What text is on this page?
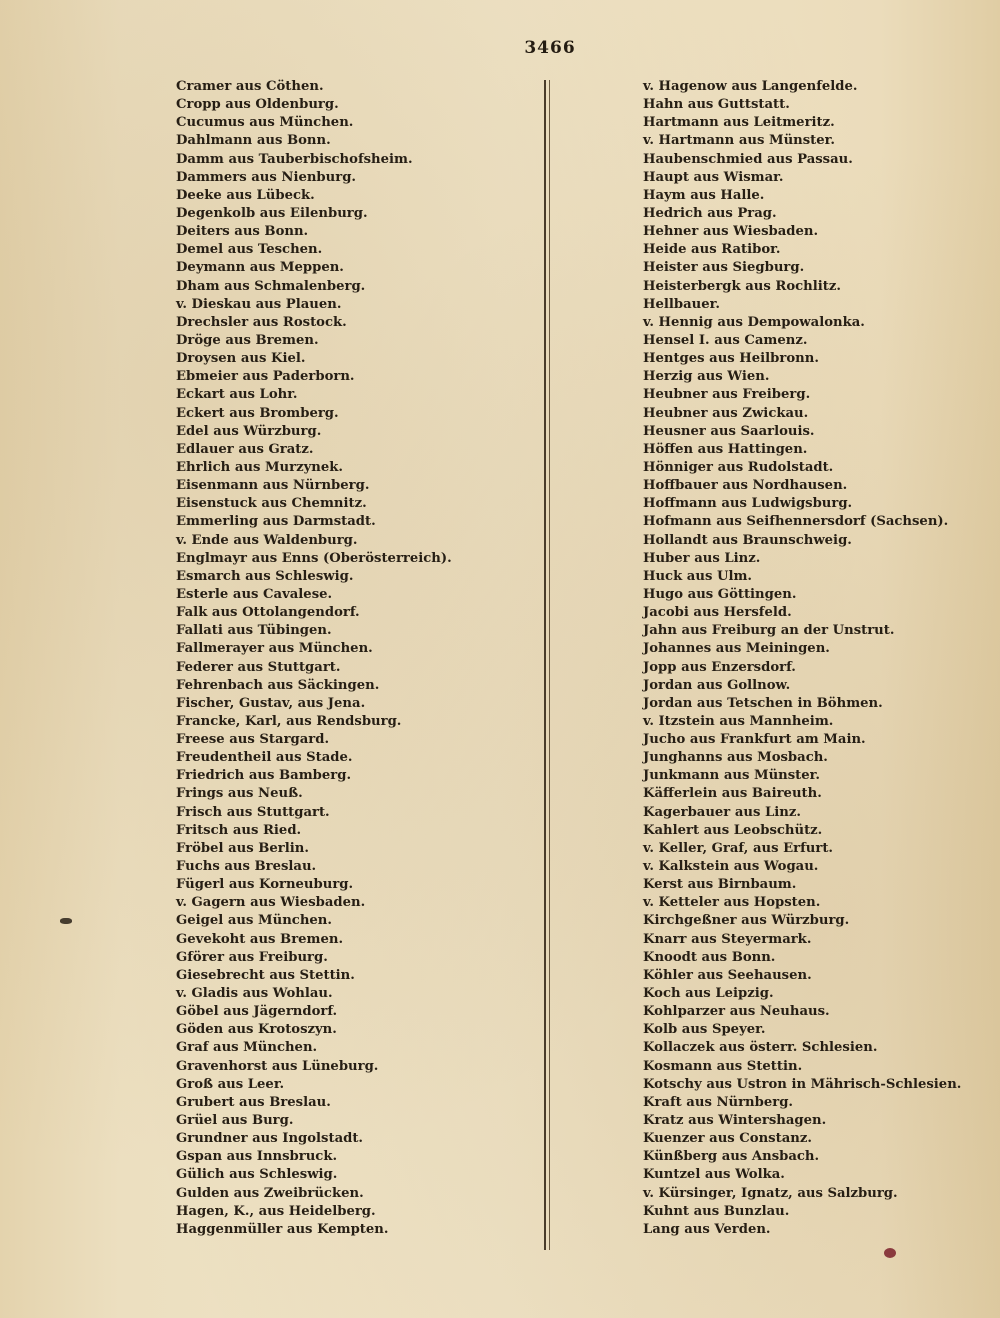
3466
Cramer aus Cöthen.
Cropp aus Oldenburg.
Cucumus aus München.
Dahlmann aus Bonn.
Damm aus Tauberbischofsheim.
Dammers aus Nienburg.
Deeke aus Lübeck.
Degenkolb aus Eilenburg.
Deiters aus Bonn.
Demel aus Teschen.
Deymann aus Meppen.
Dham aus Schmalenberg.
v. Dieskau aus Plauen.
Drechsler aus Rostock.
Dröge aus Bremen.
Droysen aus Kiel.
Ebmeier aus Paderborn.
Eckart aus Lohr.
Eckert aus Bromberg.
Edel aus Würzburg.
Edlauer aus Gratz.
Ehrlich aus Murzynek.
Eisenmann aus Nürnberg.
Eisenstuck aus Chemnitz.
Emmerling aus Darmstadt.
v. Ende aus Waldenburg.
Englmayr aus Enns (Oberösterreich).
Esmarch aus Schleswig.
Esterle aus Cavalese.
Falk aus Ottolangendorf.
Fallati aus Tübingen.
Fallmerayer aus München.
Federer aus Stuttgart.
Fehrenbach aus Säckingen.
Fischer, Gustav, aus Jena.
Francke, Karl, aus Rendsburg.
Freese aus Stargard.
Freudentheil aus Stade.
Friedrich aus Bamberg.
Frings aus Neuß.
Frisch aus Stuttgart.
Fritsch aus Ried.
Fröbel aus Berlin.
Fuchs aus Breslau.
Fügerl aus Korneuburg.
v. Gagern aus Wiesbaden.
Geigel aus München.
Gevekoht aus Bremen.
Gförer aus Freiburg.
Giesebrecht aus Stettin.
v. Gladis aus Wohlau.
Göbel aus Jägerndorf.
Göden aus Krotoszyn.
Graf aus München.
Gravenhorst aus Lüneburg.
Groß aus Leer.
Grubert aus Breslau.
Grüel aus Burg.
Grundner aus Ingolstadt.
Gspan aus Innsbruck.
Gülich aus Schleswig.
Gulden aus Zweibrücken.
Hagen, K., aus Heidelberg.
Haggenmüller aus Kempten.
v. Hagenow aus Langenfelde.
Hahn aus Guttstatt.
Hartmann aus Leitmeritz.
v. Hartmann aus Münster.
Haubenschmied aus Passau.
Haupt aus Wismar.
Haym aus Halle.
Hedrich aus Prag.
Hehner aus Wiesbaden.
Heide aus Ratibor.
Heister aus Siegburg.
Heisterbergk aus Rochlitz.
Hellbauer.
v. Hennig aus Dempowalonka.
Hensel I. aus Camenz.
Hentges aus Heilbronn.
Herzig aus Wien.
Heubner aus Freiberg.
Heubner aus Zwickau.
Heusner aus Saarlouis.
Höffen aus Hattingen.
Hönniger aus Rudolstadt.
Hoffbauer aus Nordhausen.
Hoffmann aus Ludwigsburg.
Hofmann aus Seifhennersdorf (Sachsen).
Hollandt aus Braunschweig.
Huber aus Linz.
Huck aus Ulm.
Hugo aus Göttingen.
Jacobi aus Hersfeld.
Jahn aus Freiburg an der Unstrut.
Johannes aus Meiningen.
Jopp aus Enzersdorf.
Jordan aus Gollnow.
Jordan aus Tetschen in Böhmen.
v. Itzstein aus Mannheim.
Jucho aus Frankfurt am Main.
Junghanns aus Mosbach.
Junkmann aus Münster.
Käfferlein aus Baireuth.
Kagerbauer aus Linz.
Kahlert aus Leobschütz.
v. Keller, Graf, aus Erfurt.
v. Kalkstein aus Wogau.
Kerst aus Birnbaum.
v. Ketteler aus Hopsten.
Kirchgeßner aus Würzburg.
Knarr aus Steyermark.
Knoodt aus Bonn.
Köhler aus Seehausen.
Koch aus Leipzig.
Kohlparzer aus Neuhaus.
Kolb aus Speyer.
Kollaczek aus österr. Schlesien.
Kosmann aus Stettin.
Kotschy aus Ustron in Mährisch-Schlesien.
Kraft aus Nürnberg.
Kratz aus Wintershagen.
Kuenzer aus Constanz.
Künßberg aus Ansbach.
Kuntzel aus Wolka.
v. Kürsinger, Ignatz, aus Salzburg.
Kuhnt aus Bunzlau.
Lang aus Verden.
